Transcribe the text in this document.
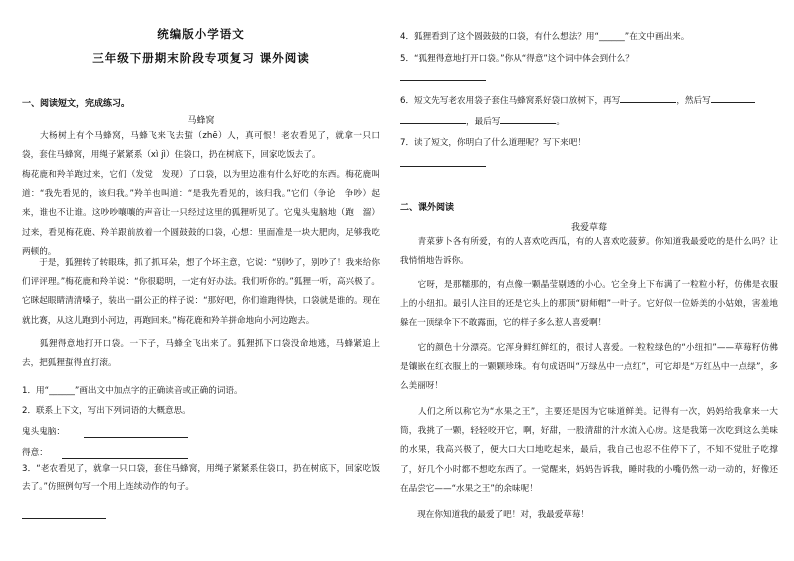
统编版小学语文
三年级下册期末阶段专项复习 课外阅读
一、阅读短文，完成练习。
马蜂窝
　　大杨树上有个马蜂窝，马蜂飞来飞去蜇（zhē）人，真可恨！老农看见了，就拿一只口袋，套住马蜂窝，用绳子紧紧系（xì jì）住袋口，扔在树底下，回家吃饭去了。
梅花鹿和羚羊跑过来，它们（发觉　发现）了口袋，以为里边准有什么好吃的东西。梅花鹿叫道：“我先看见的，该归我。”羚羊也叫道：“是我先看见的，该归我。”它们（争论　争吵）起来，谁也不让谁。这吵吵嚷嚷的声音让一只经过这里的狐狸听见了。它鬼头鬼脑地（跑　溜）过来，看见梅花鹿、羚羊跟前放着一个圆鼓鼓的口袋，心想：里面准是一块大肥肉，足够我吃两顿的。
　　于是，狐狸转了转眼珠，抓了抓耳朵，想了个坏主意，它说：“别吵了，别吵了！我来给你们评评理。”梅花鹿和羚羊说：“你很聪明，一定有好办法。我们听你的。”狐狸一听，高兴极了。它眯起眼睛清清嗓子，装出一副公正的样子说：“那好吧，你们谁跑得快，口袋就是谁的。现在就比赛，从这儿跑到小河边，再跑回来。”梅花鹿和羚羊拼命地向小河边跑去。
　　狐狸得意地打开口袋。一下子，马蜂全飞出来了。狐狸抓下口袋没命地逃，马蜂紧追上去，把狐狸蜇得直打滚。
1．用“______”画出文中加点字的正确读音或正确的词语。
2．联系上下文，写出下列词语的大概意思。
鬼头鬼脑：
得意：
3．“老农看见了，就拿一只口袋，套住马蜂窝，用绳子紧紧系住袋口，扔在树底下，回家吃饭去了。”仿照例句写一个用上连续动作的句子。
4．狐狸看到了这个圆鼓鼓的口袋，有什么想法？用“______”在文中画出来。
5．“狐狸得意地打开口袋。”你从“得意”这个词中体会到什么？
6．短文先写老农用袋子套住马蜂窝系好袋口放树下，再写	，然后写
，最后写	。
7．读了短文，你明白了什么道理呢？写下来吧！
二、课外阅读
我爱草莓
　　青菜萝卜各有所爱，有的人喜欢吃西瓜，有的人喜欢吃菠萝。你知道我最爱吃的是什么吗？让我悄悄地告诉你。
　　它呀，是那糯那的，有点像一颗晶莹剔透的小心。它全身上下布满了一粒粒小籽，仿佛是衣服上的小纽扣。最引人注目的还是它头上的那顶“厨师帽”一叶子。它好似一位娇美的小姑娘，害羞地躲在一顶绿伞下不敢露面，它的样子多么惹人喜爱啊！
　　它的颜色十分漂亮。它浑身鲜红鲜红的，很讨人喜爱。一粒粒绿色的“小纽扣”——草莓籽仿佛是镶嵌在红衣服上的一颗颗珍珠。有句成语叫“万绿丛中一点红”，可它却是“万红丛中一点绿”，多么美丽呀！
　　人们之所以称它为“水果之王”，主要还是因为它味道鲜美。记得有一次，妈妈给我拿来一大筒，我挑了一颗，轻轻咬开它，啊，好甜，一股清甜的汁水流入心房。这是我第一次吃到这么美味的水果，我高兴极了，便大口大口地吃起来，最后，我自己也忍不住停下了，不知不觉肚子吃撑了，好几个小时都不想吃东西了。一觉醒来，妈妈告诉我，睡时我的小嘴仍然一动一动的，好像还在品尝它——“水果之王”的余味呢！
　　现在你知道我的最爱了吧！对，我最爱草莓！
